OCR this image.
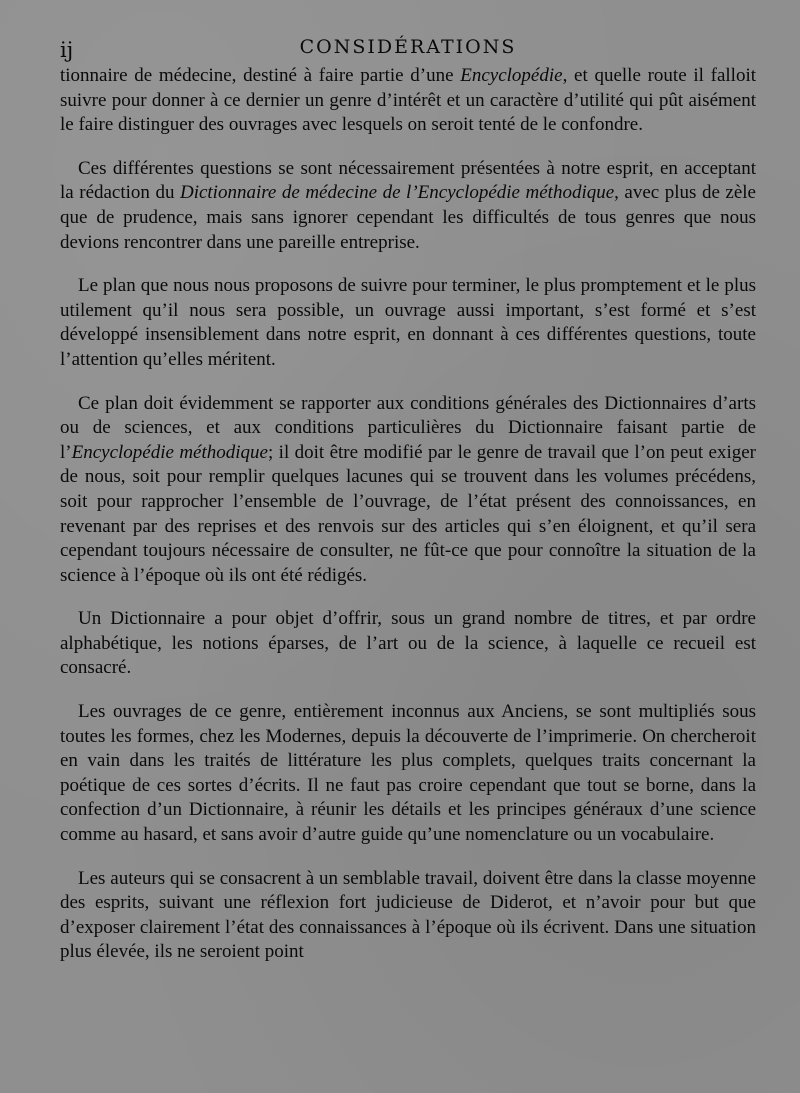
ij	CONSIDÉRATIONS

tionnaire de médecine, destiné à faire partie d’une Encyclopédie, et quelle route il falloit suivre pour donner à ce dernier un genre d’intérêt et un caractère d’utilité qui pût aisément le faire distinguer des ouvrages avec lesquels on seroit tenté de le confondre.

Ces différentes questions se sont nécessairement présentées à notre esprit, en acceptant la rédaction du Dictionnaire de médecine de l’Encyclopédie méthodique, avec plus de zèle que de prudence, mais sans ignorer cependant les difficultés de tous genres que nous devions rencontrer dans une pareille entreprise.

Le plan que nous nous proposons de suivre pour terminer, le plus promptement et le plus utilement qu’il nous sera possible, un ouvrage aussi important, s’est formé et s’est développé insensiblement dans notre esprit, en donnant à ces différentes questions, toute l’attention qu’elles méritent.

Ce plan doit évidemment se rapporter aux conditions générales des Dictionnaires d’arts ou de sciences, et aux conditions particulières du Dictionnaire faisant partie de l’Encyclopédie méthodique; il doit être modifié par le genre de travail que l’on peut exiger de nous, soit pour remplir quelques lacunes qui se trouvent dans les volumes précédens, soit pour rapprocher l’ensemble de l’ouvrage, de l’état présent des connoissances, en revenant par des reprises et des renvois sur des articles qui s’en éloignent, et qu’il sera cependant toujours nécessaire de consulter, ne fût-ce que pour connoître la situation de la science à l’époque où ils ont été rédigés.

Un Dictionnaire a pour objet d’offrir, sous un grand nombre de titres, et par ordre alphabétique, les notions éparses, de l’art ou de la science, à laquelle ce recueil est consacré.

Les ouvrages de ce genre, entièrement inconnus aux Anciens, se sont multipliés sous toutes les formes, chez les Modernes, depuis la découverte de l’imprimerie. On chercheroit en vain dans les traités de littérature les plus complets, quelques traits concernant la poétique de ces sortes d’écrits. Il ne faut pas croire cependant que tout se borne, dans la confection d’un Dictionnaire, à réunir les détails et les principes généraux d’une science comme au hasard, et sans avoir d’autre guide qu’une nomenclature ou un vocabulaire.

Les auteurs qui se consacrent à un semblable travail, doivent être dans la classe moyenne des esprits, suivant une réflexion fort judicieuse de Diderot, et n’avoir pour but que d’exposer clairement l’état des connaissances à l’époque où ils écrivent. Dans une situation plus élevée, ils ne seroient point
